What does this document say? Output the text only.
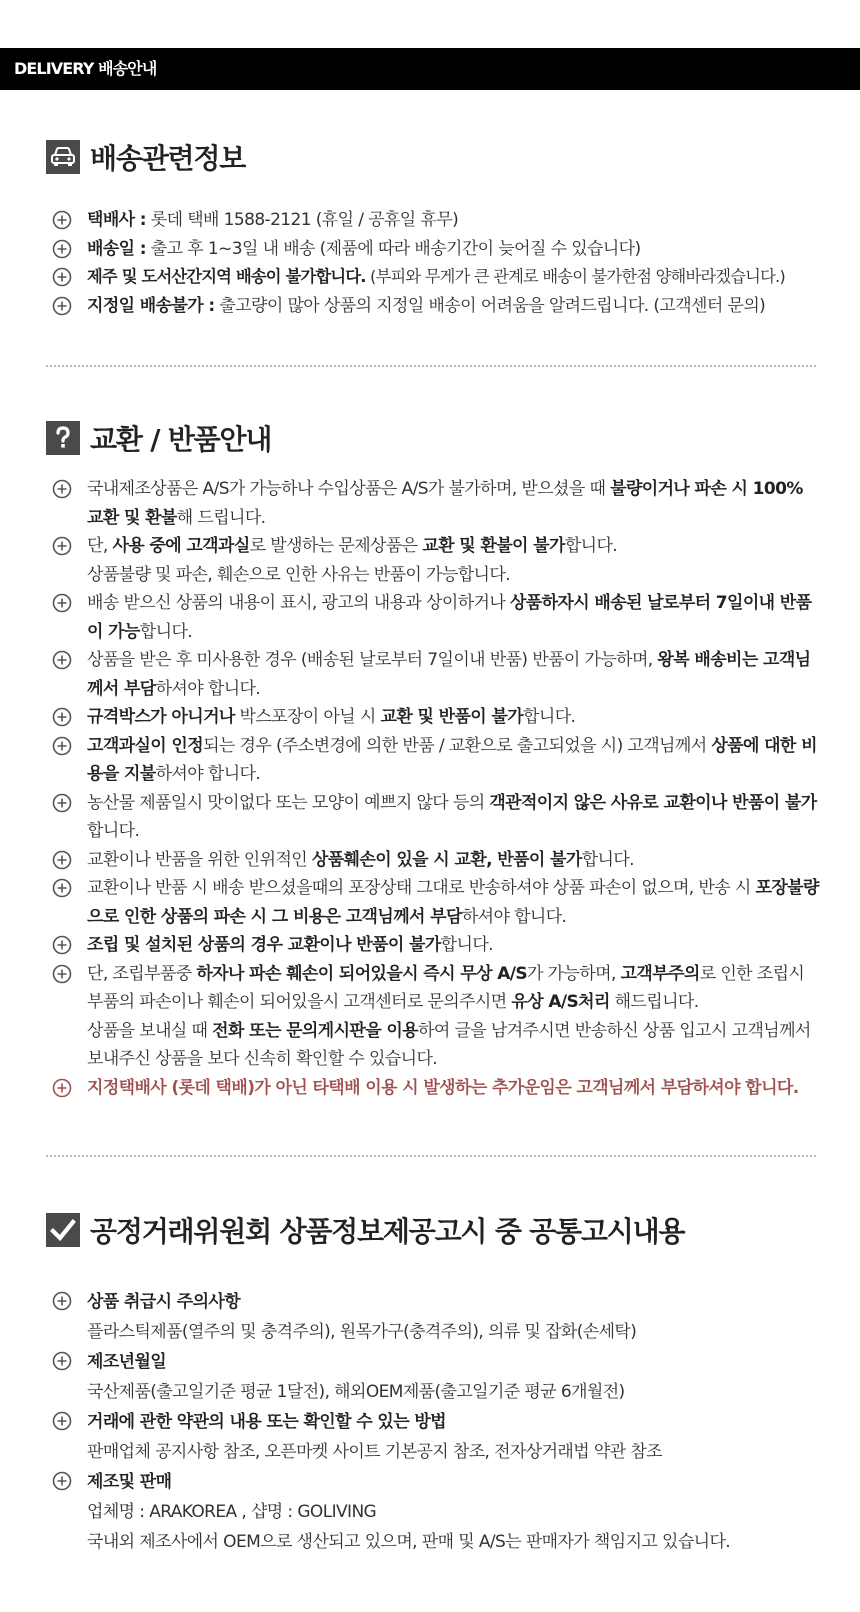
DELIVERY 배송안내
배송관련정보
택배사 : 롯데 택배 1588-2121 (휴일 / 공휴일 휴무)
배송일 : 출고 후 1~3일 내 배송 (제품에 따라 배송기간이 늦어질 수 있습니다)
제주 및 도서산간지역 배송이 불가합니다. (부피와 무게가 큰 관계로 배송이 불가한점 양해바라겠습니다.)
지정일 배송불가 : 출고량이 많아 상품의 지정일 배송이 어려움을 알려드립니다. (고객센터 문의)
교환 / 반품안내
국내제조상품은 A/S가 가능하나 수입상품은 A/S가 불가하며, 받으셨을 때 불량이거나 파손 시 100% 교환 및 환불해 드립니다.
단, 사용 중에 고객과실로 발생하는 문제상품은 교환 및 환불이 불가합니다.
상품불량 및 파손, 훼손으로 인한 사유는 반품이 가능합니다.
배송 받으신 상품의 내용이 표시, 광고의 내용과 상이하거나 상품하자시 배송된 날로부터 7일이내 반품이 가능합니다.
상품을 받은 후 미사용한 경우 (배송된 날로부터 7일이내 반품) 반품이 가능하며, 왕복 배송비는 고객님께서 부담하셔야 합니다.
규격박스가 아니거나 박스포장이 아닐 시 교환 및 반품이 불가합니다.
고객과실이 인정되는 경우 (주소변경에 의한 반품 / 교환으로 출고되었을 시) 고객님께서 상품에 대한 비용을 지불하셔야 합니다.
농산물 제품일시 맛이없다 또는 모양이 예쁘지 않다 등의 객관적이지 않은 사유로 교환이나 반품이 불가합니다.
교환이나 반품을 위한 인위적인 상품훼손이 있을 시 교환, 반품이 불가합니다.
교환이나 반품 시 배송 받으셨을때의 포장상태 그대로 반송하셔야 상품 파손이 없으며, 반송 시 포장불량으로 인한 상품의 파손 시 그 비용은 고객님께서 부담하셔야 합니다.
조립 및 설치된 상품의 경우 교환이나 반품이 불가합니다.
단, 조립부품중 하자나 파손 훼손이 되어있을시 즉시 무상 A/S가 가능하며, 고객부주의로 인한 조립시 부품의 파손이나 훼손이 되어있을시 고객센터로 문의주시면 유상 A/S처리 해드립니다.
상품을 보내실 때 전화 또는 문의게시판을 이용하여 글을 남겨주시면 반송하신 상품 입고시 고객님께서 보내주신 상품을 보다 신속히 확인할 수 있습니다.
지정택배사 (롯데 택배)가 아닌 타택배 이용 시 발생하는 추가운임은 고객님께서 부담하셔야 합니다.
공정거래위원회 상품정보제공고시 중 공통고시내용
상품 취급시 주의사항
플라스틱제품(열주의 및 충격주의), 원목가구(충격주의), 의류 및 잡화(손세탁)
제조년월일
국산제품(출고일기준 평균 1달전), 해외OEM제품(출고일기준 평균 6개월전)
거래에 관한 약관의 내용 또는 확인할 수 있는 방법
판매업체 공지사항 참조, 오픈마켓 사이트 기본공지 참조, 전자상거래법 약관 참조
제조및 판매
업체명 : ARAKOREA , 샵명 : GOLIVING
국내외 제조사에서 OEM으로 생산되고 있으며, 판매 및 A/S는 판매자가 책임지고 있습니다.
